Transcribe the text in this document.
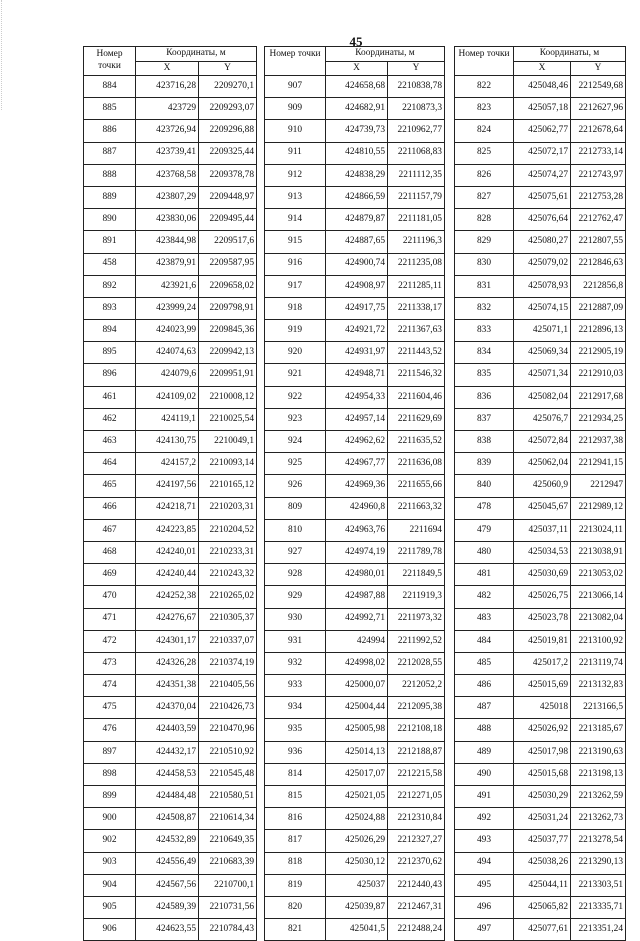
45
Номер точки	Координаты, м	
	X	Y
884	423716,28	2209270,1
885	423729	2209293,07
886	423726,94	2209296,88
887	423739,41	2209325,44
888	423768,58	2209378,78
889	423807,29	2209448,97
890	423830,06	2209495,44
891	423844,98	2209517,6
458	423879,91	2209587,95
892	423921,6	2209658,02
893	423999,24	2209798,91
894	424023,99	2209845,36
895	424074,63	2209942,13
896	424079,6	2209951,91
461	424109,02	2210008,12
462	424119,1	2210025,54
463	424130,75	2210049,1
464	424157,2	2210093,14
465	424197,56	2210165,12
466	424218,71	2210203,31
467	424223,85	2210204,52
468	424240,01	2210233,31
469	424240,44	2210243,32
470	424252,38	2210265,02
471	424276,67	2210305,37
472	424301,17	2210337,07
473	424326,28	2210374,19
474	424351,38	2210405,56
475	424370,04	2210426,73
476	424403,59	2210470,96
897	424432,17	2210510,92
898	424458,53	2210545,48
899	424484,48	2210580,51
900	424508,87	2210614,34
902	424532,89	2210649,35
903	424556,49	2210683,39
904	424567,56	2210700,1
905	424589,39	2210731,56
906	424623,55	2210784,43
Номер точки	Координаты, м	
	X	Y
907	424658,68	2210838,78
909	424682,91	2210873,3
910	424739,73	2210962,77
911	424810,55	2211068,83
912	424838,29	2211112,35
913	424866,59	2211157,79
914	424879,87	2211181,05
915	424887,65	2211196,3
916	424900,74	2211235,08
917	424908,97	2211285,11
918	424917,75	2211338,17
919	424921,72	2211367,63
920	424931,97	2211443,52
921	424948,71	2211546,32
922	424954,33	2211604,46
923	424957,14	2211629,69
924	424962,62	2211635,52
925	424967,77	2211636,08
926	424969,36	2211655,66
809	424960,8	2211663,32
810	424963,76	2211694
927	424974,19	2211789,78
928	424980,01	2211849,5
929	424987,88	2211919,3
930	424992,71	2211973,32
931	424994	2211992,52
932	424998,02	2212028,55
933	425000,07	2212052,2
934	425004,44	2212095,38
935	425005,98	2212108,18
936	425014,13	2212188,87
814	425017,07	2212215,58
815	425021,05	2212271,05
816	425024,88	2212310,84
817	425026,29	2212327,27
818	425030,12	2212370,62
819	425037	2212440,43
820	425039,87	2212467,31
821	425041,5	2212488,24
Номер точки	Координаты, м	
	X	Y
822	425048,46	2212549,68
823	425057,18	2212627,96
824	425062,77	2212678,64
825	425072,17	2212733,14
826	425074,27	2212743,97
827	425075,61	2212753,28
828	425076,64	2212762,47
829	425080,27	2212807,55
830	425079,02	2212846,63
831	425078,93	2212856,8
832	425074,15	2212887,09
833	425071,1	2212896,13
834	425069,34	2212905,19
835	425071,34	2212910,03
836	425082,04	2212917,68
837	425076,7	2212934,25
838	425072,84	2212937,38
839	425062,04	2212941,15
840	425060,9	2212947
478	425045,67	2212989,12
479	425037,11	2213024,11
480	425034,53	2213038,91
481	425030,69	2213053,02
482	425026,75	2213066,14
483	425023,78	2213082,04
484	425019,81	2213100,92
485	425017,2	2213119,74
486	425015,69	2213132,83
487	425018	2213166,5
488	425026,92	2213185,67
489	425017,98	2213190,63
490	425015,68	2213198,13
491	425030,29	2213262,59
492	425031,24	2213262,73
493	425037,77	2213278,54
494	425038,26	2213290,13
495	425044,11	2213303,51
496	425065,82	2213335,71
497	425077,61	2213351,24
